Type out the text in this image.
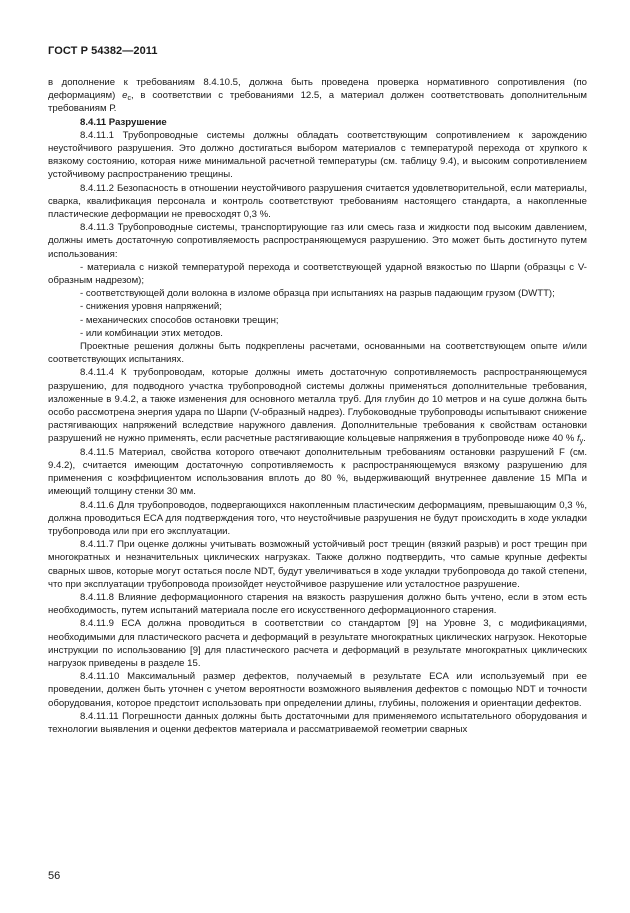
ГОСТ Р 54382—2011

в дополнение к требованиям 8.4.10.5, должна быть проведена проверка нормативного сопротивления (по деформациям) $e_c$, в соответствии с требованиями 12.5, а материал должен соответствовать дополнительным требованиям Р.

8.4.11 Разрушение

8.4.11.1 Трубопроводные системы должны обладать соответствующим сопротивлением к зарождению неустойчивого разрушения. Это должно достигаться выбором материалов с температурой перехода от хрупкого к вязкому состоянию, которая ниже минимальной расчетной температуры (см. таблицу 9.4), и высоким сопротивлением устойчивому распространению трещины.

8.4.11.2 Безопасность в отношении неустойчивого разрушения считается удовлетворительной, если материалы, сварка, квалификация персонала и контроль соответствуют требованиям настоящего стандарта, а накопленные пластические деформации не превосходят 0,3 %.

8.4.11.3 Трубопроводные системы, транспортирующие газ или смесь газа и жидкости под высоким давлением, должны иметь достаточную сопротивляемость распространяющемуся разрушению. Это может быть достигнуто путем использования:

- материала с низкой температурой перехода и соответствующей ударной вязкостью по Шарпи (образцы с V-образным надрезом);

- соответствующей доли волокна в изломе образца при испытаниях на разрыв падающим грузом (DWTT);

- снижения уровня напряжений;

- механических способов остановки трещин;

- или комбинации этих методов.

Проектные решения должны быть подкреплены расчетами, основанными на соответствующем опыте и/или соответствующих испытаниях.

8.4.11.4 К трубопроводам, которые должны иметь достаточную сопротивляемость распространяющемуся разрушению, для подводного участка трубопроводной системы должны применяться дополнительные требования, изложенные в 9.4.2, а также изменения для основного металла труб. Для глубин до 10 метров и на суше должна быть особо рассмотрена энергия удара по Шарпи (V-образный надрез). Глубоководные трубопроводы испытывают снижение растягивающих напряжений вследствие наружного давления. Дополнительные требования к свойствам остановки разрушений не нужно применять, если расчетные растягивающие кольцевые напряжения в трубопроводе ниже 40 % $f_y$.

8.4.11.5 Материал, свойства которого отвечают дополнительным требованиям остановки разрушений F (см. 9.4.2), считается имеющим достаточную сопротивляемость к распространяющемуся вязкому разрушению для применения с коэффициентом использования вплоть до 80 %, выдерживающий внутреннее давление 15 МПа и имеющий толщину стенки 30 мм.

8.4.11.6 Для трубопроводов, подвергающихся накопленным пластическим деформациям, превышающим 0,3 %, должна проводиться ECA для подтверждения того, что неустойчивые разрушения не будут происходить в ходе укладки трубопровода или при его эксплуатации.

8.4.11.7 При оценке должны учитывать возможный устойчивый рост трещин (вязкий разрыв) и рост трещин при многократных и незначительных циклических нагрузках. Также должно подтвердить, что самые крупные дефекты сварных швов, которые могут остаться после NDT, будут увеличиваться в ходе укладки трубопровода до такой степени, что при эксплуатации трубопровода произойдет неустойчивое разрушение или усталостное разрушение.

8.4.11.8 Влияние деформационного старения на вязкость разрушения должно быть учтено, если в этом есть необходимость, путем испытаний материала после его искусственного деформационного старения.

8.4.11.9 ECA должна проводиться в соответствии со стандартом [9] на Уровне 3, с модификациями, необходимыми для пластического расчета и деформаций в результате многократных циклических нагрузок. Некоторые инструкции по использованию [9] для пластического расчета и деформаций в результате многократных циклических нагрузок приведены в разделе 15.

8.4.11.10 Максимальный размер дефектов, получаемый в результате ECA или используемый при ее проведении, должен быть уточнен с учетом вероятности возможного выявления дефектов с помощью NDT и точности оборудования, которое предстоит использовать при определении длины, глубины, положения и ориентации дефектов.

8.4.11.11 Погрешности данных должны быть достаточными для применяемого испытательного оборудования и технологии выявления и оценки дефектов материала и рассматриваемой геометрии сварных

56
